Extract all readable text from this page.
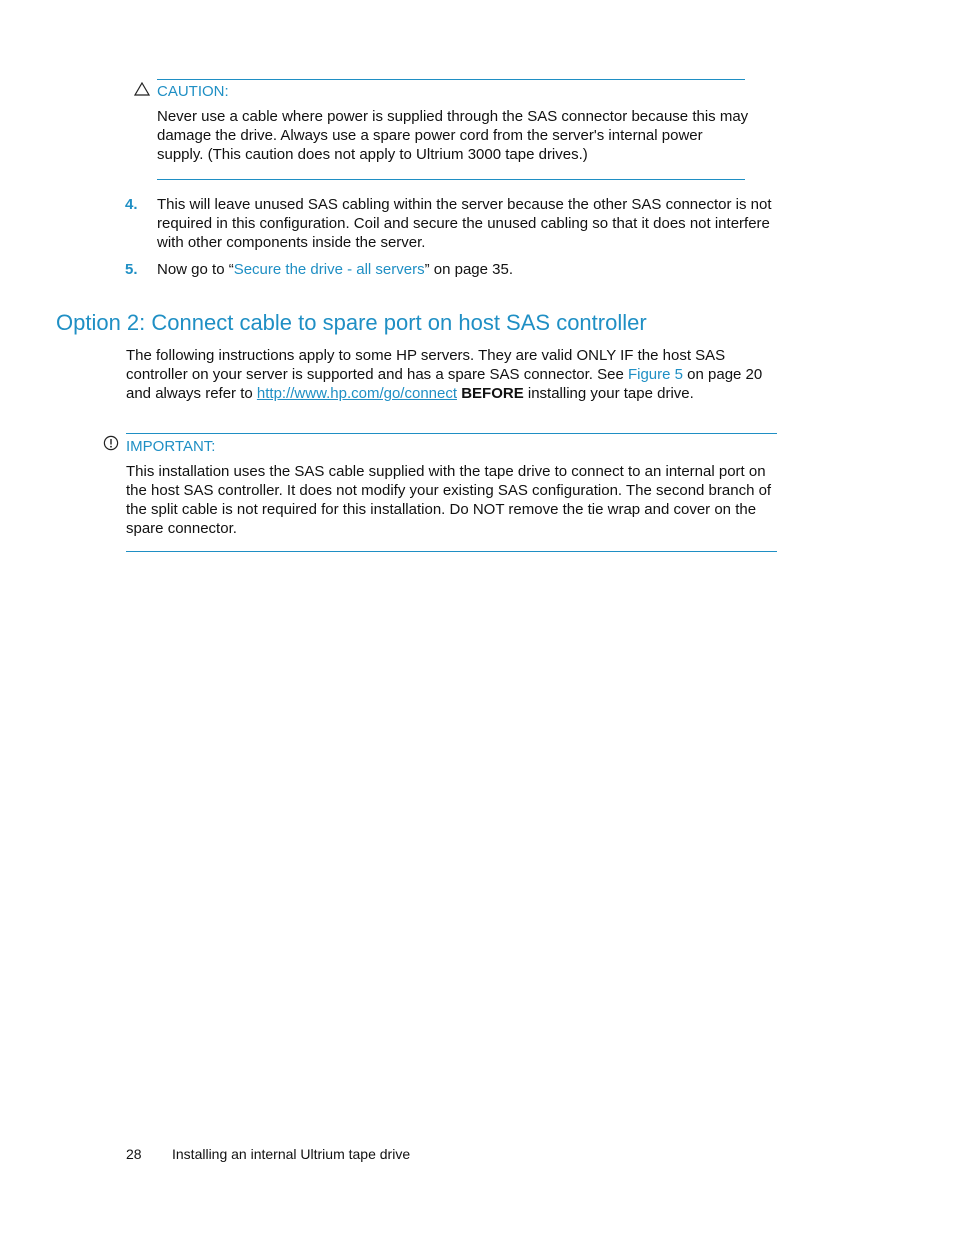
CAUTION:
Never use a cable where power is supplied through the SAS connector because this may damage the drive. Always use a spare power cord from the server's internal power supply. (This caution does not apply to Ultrium 3000 tape drives.)
4. This will leave unused SAS cabling within the server because the other SAS connector is not required in this configuration. Coil and secure the unused cabling so that it does not interfere with other components inside the server.
5. Now go to “Secure the drive - all servers” on page 35.
Option 2: Connect cable to spare port on host SAS controller
The following instructions apply to some HP servers. They are valid ONLY IF the host SAS controller on your server is supported and has a spare SAS connector. See Figure 5 on page 20 and always refer to http://www.hp.com/go/connect BEFORE installing your tape drive.
IMPORTANT:
This installation uses the SAS cable supplied with the tape drive to connect to an internal port on the host SAS controller. It does not modify your existing SAS configuration. The second branch of the split cable is not required for this installation. Do NOT remove the tie wrap and cover on the spare connector.
28 Installing an internal Ultrium tape drive
